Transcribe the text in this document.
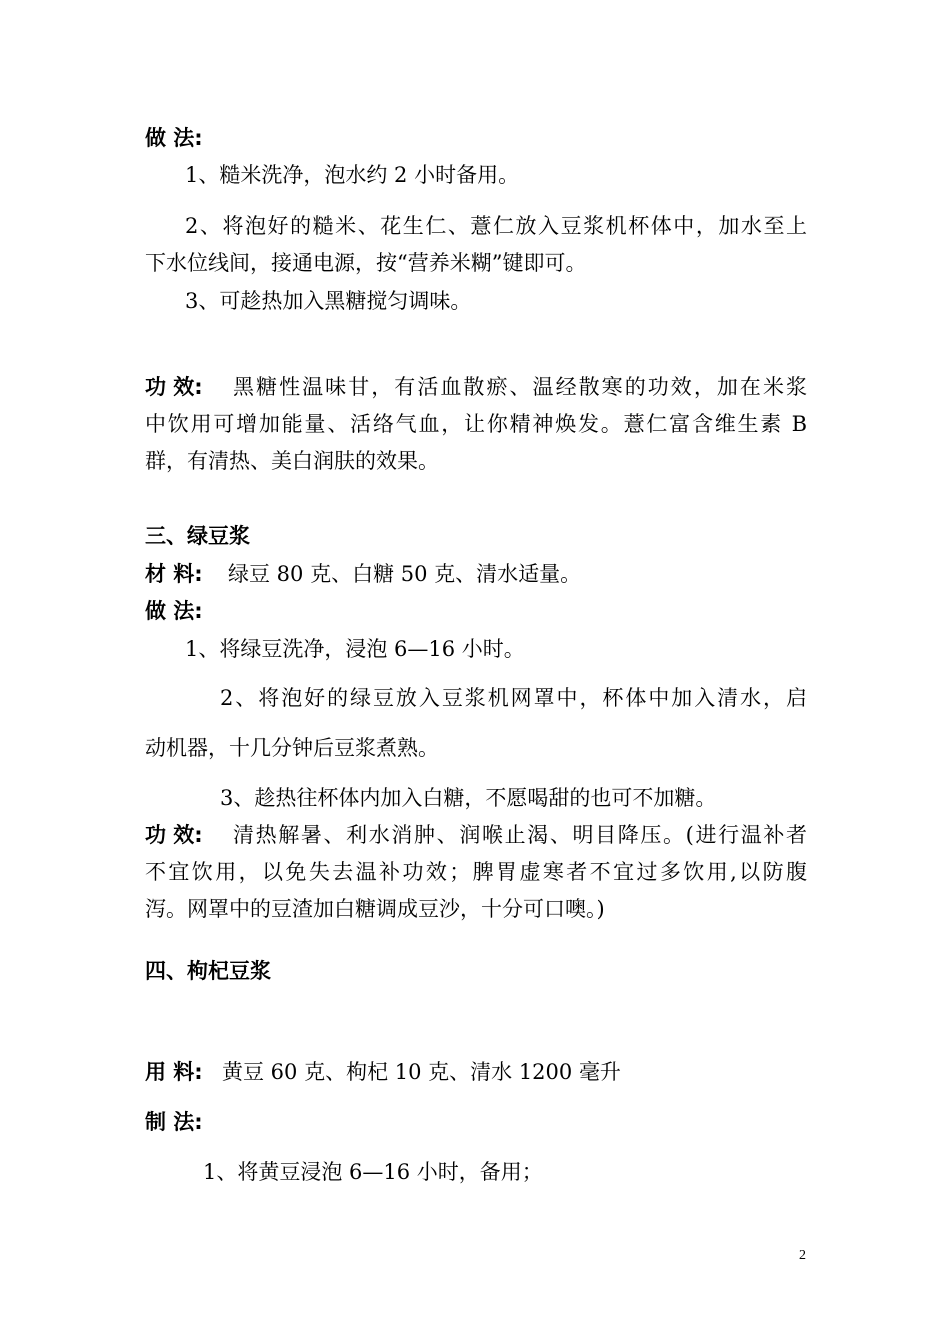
做 法:
1、糙米洗净，泡水约 2 小时备用。
2、将泡好的糙米、花生仁、薏仁放入豆浆机杯体中，加水至上
下水位线间，接通电源，按“营养米糊”键即可。
3、可趁热加入黑糖搅匀调味。
功 效: 黑糖性温味甘，有活血散瘀、温经散寒的功效，加在米浆
中饮用可增加能量、活络气血，让你精神焕发。薏仁富含维生素 B
群，有清热、美白润肤的效果。
三、绿豆浆
材 料: 绿豆 80 克、白糖 50 克、清水适量。
做 法:
1、将绿豆洗净，浸泡 6—16 小时。
2、将泡好的绿豆放入豆浆机网罩中，杯体中加入清水，启
动机器，十几分钟后豆浆煮熟。
3、趁热往杯体内加入白糖，不愿喝甜的也可不加糖。
功 效: 清热解暑、利水消肿、润喉止渴、明目降压。(进行温补者
不宜饮用，以免失去温补功效；脾胃虚寒者不宜过多饮用,以防腹
泻。网罩中的豆渣加白糖调成豆沙，十分可口噢。)
四、枸杞豆浆
用 料: 黄豆 60 克、枸杞 10 克、清水 1200 毫升
制 法:
1、将黄豆浸泡 6—16 小时，备用；
2
